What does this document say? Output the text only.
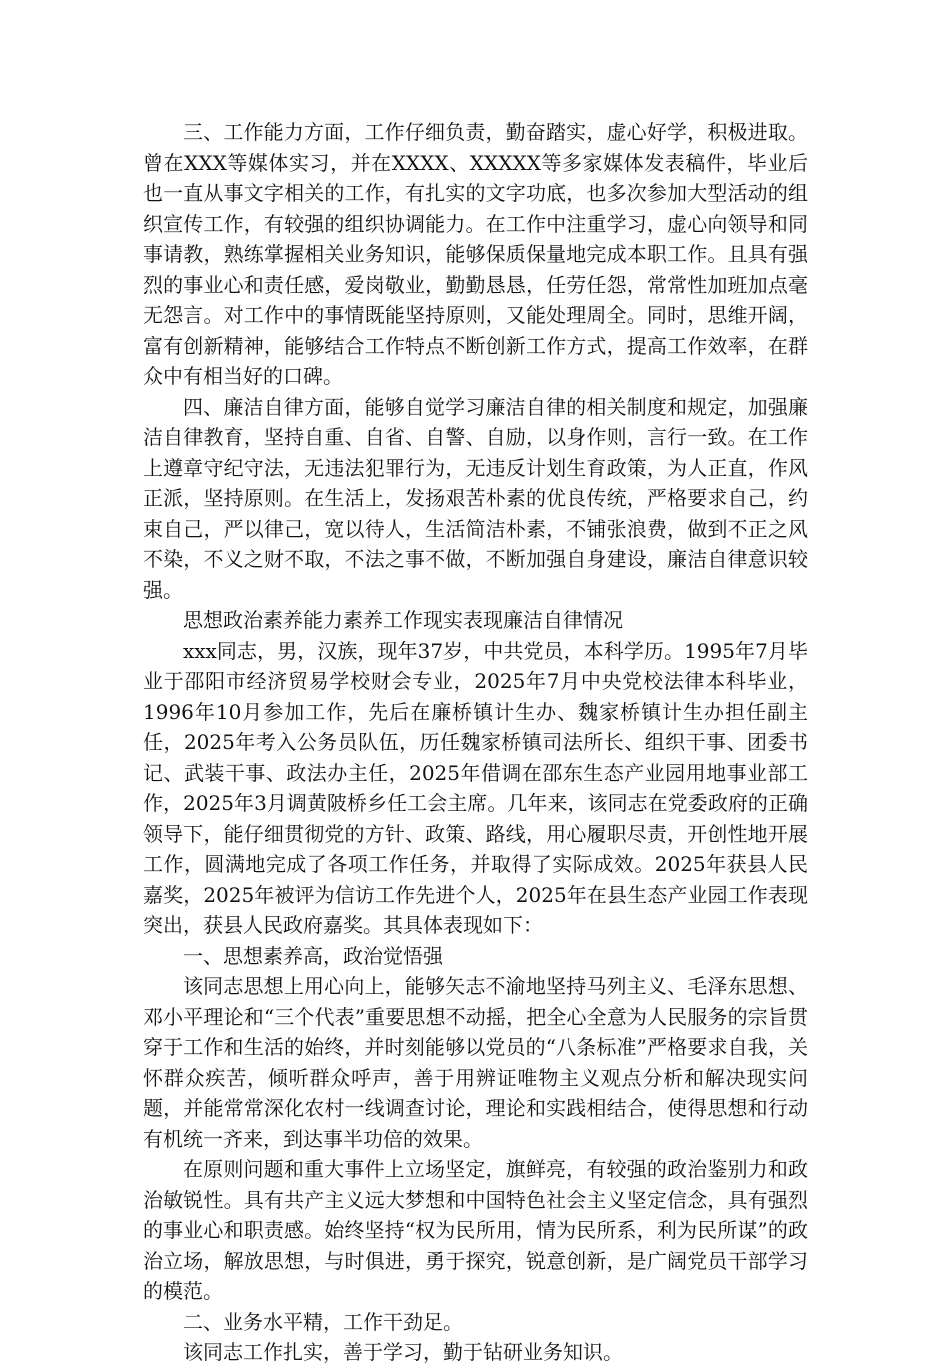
三、工作能力方面，工作仔细负责，勤奋踏实，虚心好学，积极进取。曾在XXX等媒体实习，并在XXXX、XXXXX等多家媒体发表稿件，毕业后也一直从事文字相关的工作，有扎实的文字功底，也多次参加大型活动的组织宣传工作，有较强的组织协调能力。在工作中注重学习，虚心向领导和同事请教，熟练掌握相关业务知识，能够保质保量地完成本职工作。且具有强烈的事业心和责任感，爱岗敬业，勤勤恳恳，任劳任怨，常常性加班加点毫无怨言。对工作中的事情既能坚持原则，又能处理周全。同时，思维开阔，富有创新精神，能够结合工作特点不断创新工作方式，提高工作效率，在群众中有相当好的口碑。

四、廉洁自律方面，能够自觉学习廉洁自律的相关制度和规定，加强廉洁自律教育，坚持自重、自省、自警、自励，以身作则，言行一致。在工作上遵章守纪守法，无违法犯罪行为，无违反计划生育政策，为人正直，作风正派，坚持原则。在生活上，发扬艰苦朴素的优良传统，严格要求自己，约束自己，严以律己，宽以待人，生活简洁朴素，不铺张浪费，做到不正之风不染，不义之财不取，不法之事不做，不断加强自身建设，廉洁自律意识较强。

思想政治素养能力素养工作现实表现廉洁自律情况

xxx同志，男，汉族，现年37岁，中共党员，本科学历。1995年7月毕业于邵阳市经济贸易学校财会专业，2025年7月中央党校法律本科毕业，1996年10月参加工作，先后在廉桥镇计生办、魏家桥镇计生办担任副主任，2025年考入公务员队伍，历任魏家桥镇司法所长、组织干事、团委书记、武装干事、政法办主任，2025年借调在邵东生态产业园用地事业部工作，2025年3月调黄陂桥乡任工会主席。几年来，该同志在党委政府的正确领导下，能仔细贯彻党的方针、政策、路线，用心履职尽责，开创性地开展工作，圆满地完成了各项工作任务，并取得了实际成效。2025年获县人民嘉奖，2025年被评为信访工作先进个人，2025年在县生态产业园工作表现突出，获县人民政府嘉奖。其具体表现如下：

一、思想素养高，政治觉悟强

该同志思想上用心向上，能够矢志不渝地坚持马列主义、毛泽东思想、邓小平理论和“三个代表”重要思想不动摇，把全心全意为人民服务的宗旨贯穿于工作和生活的始终，并时刻能够以党员的“八条标准”严格要求自我，关怀群众疾苦，倾听群众呼声，善于用辨证唯物主义观点分析和解决现实问题，并能常常深化农村一线调查讨论，理论和实践相结合，使得思想和行动有机统一齐来，到达事半功倍的效果。

在原则问题和重大事件上立场坚定，旗鲜亮，有较强的政治鉴别力和政治敏锐性。具有共产主义远大梦想和中国特色社会主义坚定信念，具有强烈的事业心和职责感。始终坚持“权为民所用，情为民所系，利为民所谋”的政治立场，解放思想，与时俱进，勇于探究，锐意创新，是广阔党员干部学习的模范。

二、业务水平精，工作干劲足。

该同志工作扎实，善于学习，勤于钻研业务知识。
